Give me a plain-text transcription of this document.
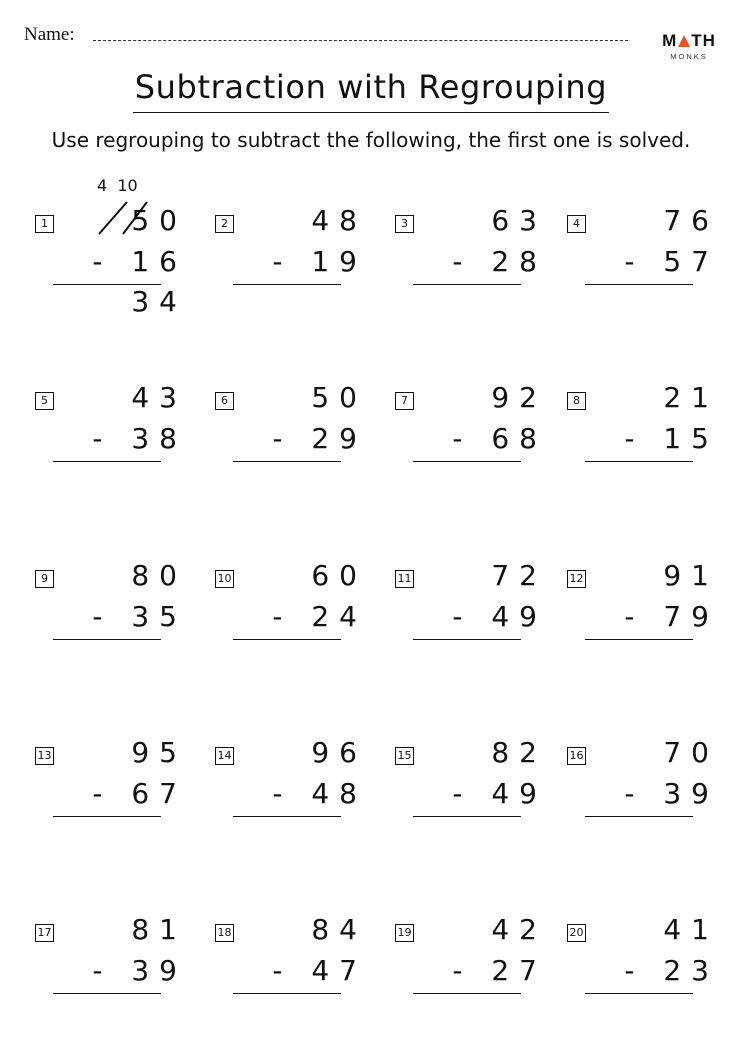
Name:	M TH
MONKS
Subtraction with Regrouping
Use regrouping to subtract the following, the first one is solved.
1	50
- 16
34
4  10
2	48
- 19
3	63
- 28
4	76
- 57
5	43
- 38
6	50
- 29
7	92
- 68
8	21
- 15
9	80
- 35
10	60
- 24
11	72
- 49
12	91
- 79
13	95
- 67
14	96
- 48
15	82
- 49
16	70
- 39
17	81
- 39
18	84
- 47
19	42
- 27
20	41
- 23
